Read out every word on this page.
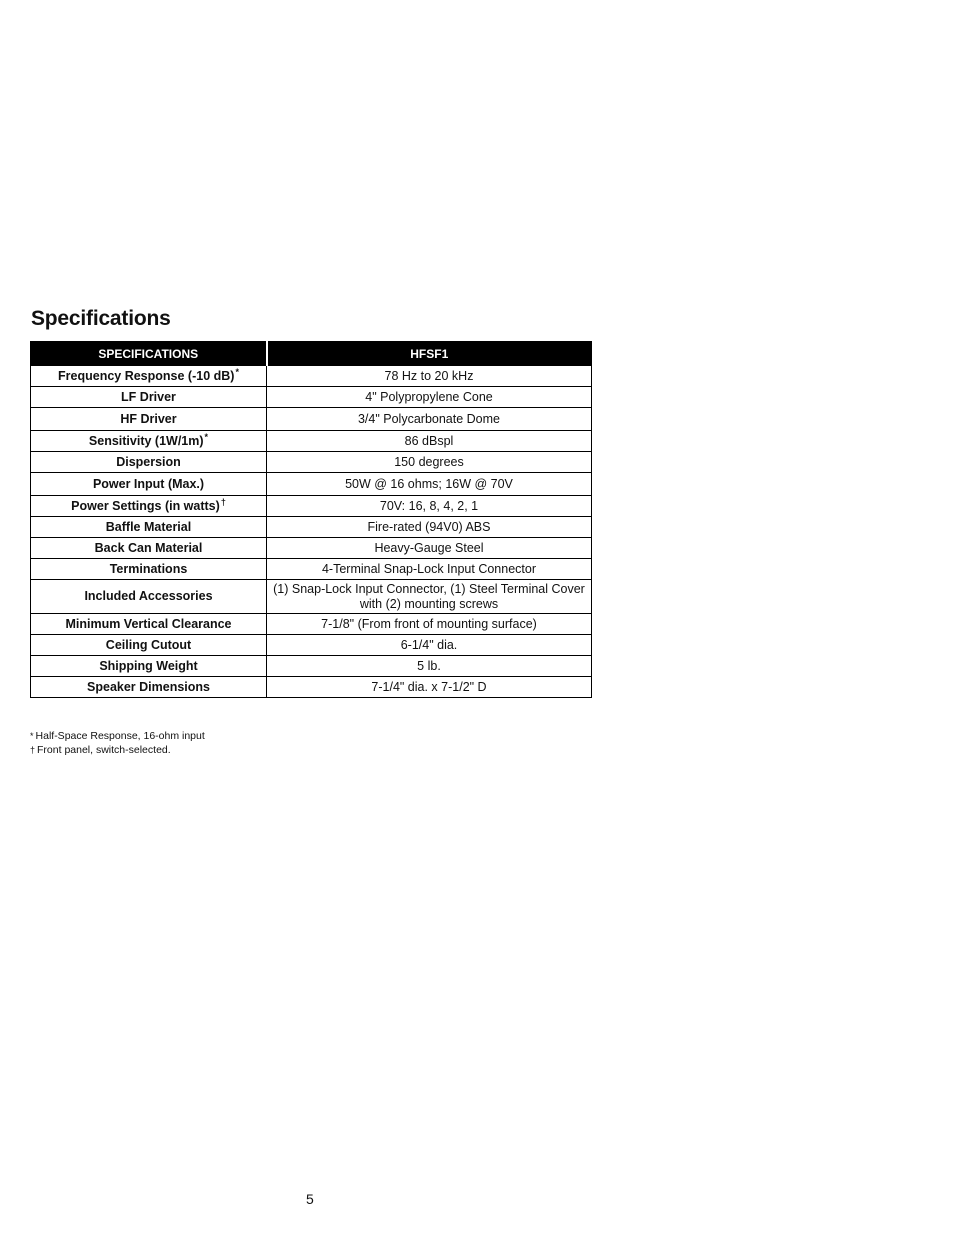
Specifications
SPECIFICATIONS	HFSF1
Frequency Response (-10 dB)*	78 Hz to 20 kHz
LF Driver	4" Polypropylene Cone
HF Driver	3/4" Polycarbonate Dome
Sensitivity (1W/1m)*	86 dBspl
Dispersion	150 degrees
Power Input (Max.)	50W @ 16 ohms; 16W @ 70V
Power Settings (in watts)†	70V: 16, 8, 4, 2, 1
Baffle Material	Fire-rated (94V0) ABS
Back Can Material	Heavy-Gauge Steel
Terminations	4-Terminal Snap-Lock Input Connector
Included Accessories	(1) Snap-Lock Input Connector, (1) Steel Terminal Cover with (2) mounting screws
Minimum Vertical Clearance	7-1/8" (From front of mounting surface)
Ceiling Cutout	6-1/4" dia.
Shipping Weight	5 lb.
Speaker Dimensions	7-1/4" dia. x 7-1/2" D
* Half-Space Response, 16-ohm input
† Front panel, switch-selected.
5
